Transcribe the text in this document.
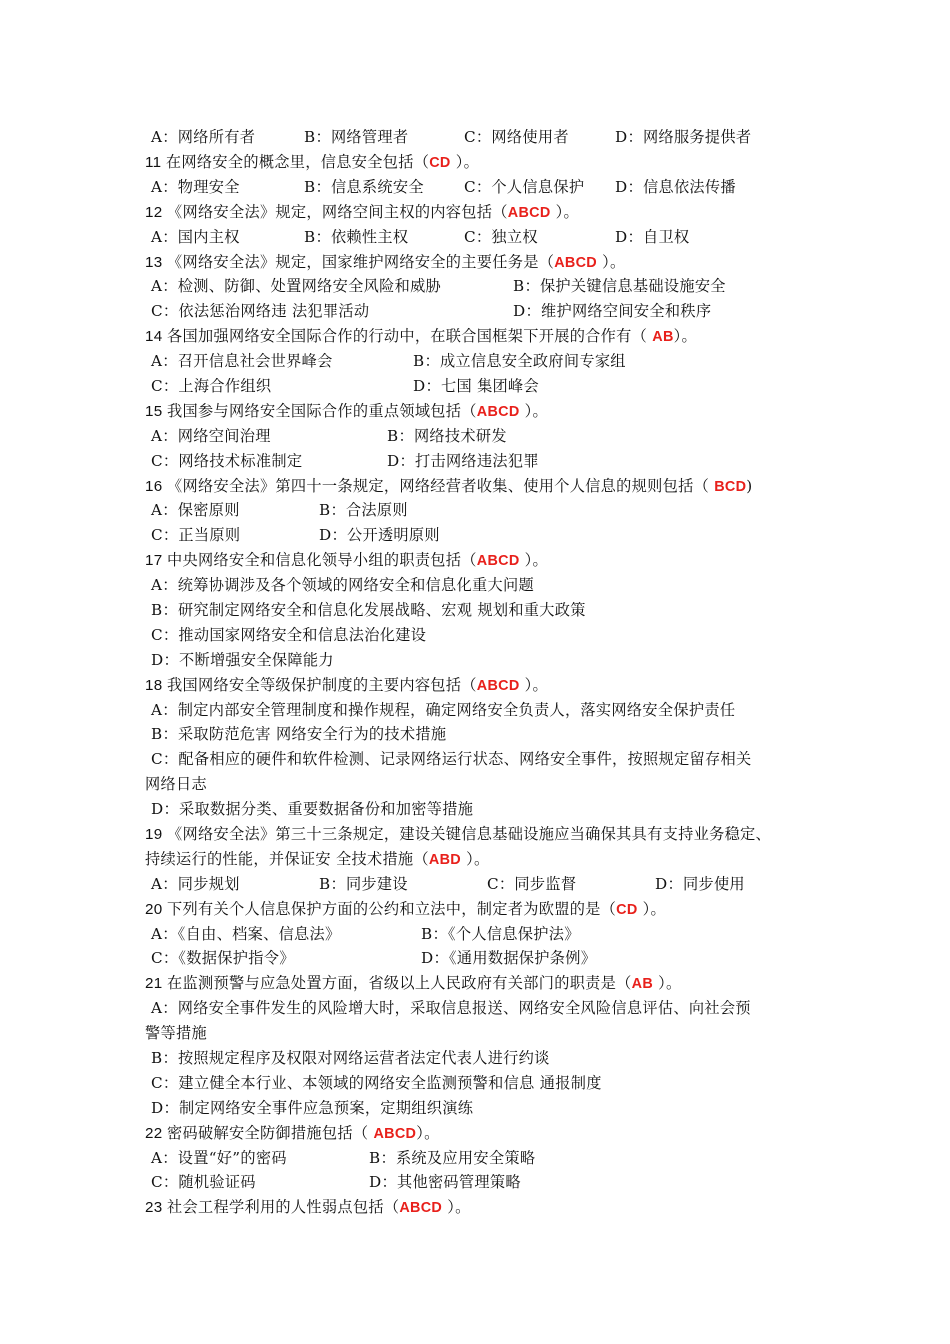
A：网络所有者	B：网络管理者	C：网络使用者	D：网络服务提供者
11 在网络安全的概念里，信息安全包括（CD ）。
A：物理安全	B：信息系统安全	C：个人信息保护 D：信息依法传播
12 《网络安全法》规定，网络空间主权的内容包括（ABCD ）。
A：国内主权	B：依赖性主权	C：独立权	D：自卫权
13 《网络安全法》规定，国家维护网络安全的主要任务是（ABCD ）。
A：检测、防御、处置网络安全风险和威胁	B：保护关键信息基础设施安全
C：依法惩治网络违 法犯罪活动	D：维护网络空间安全和秩序
14 各国加强网络安全国际合作的行动中，在联合国框架下开展的合作有（ AB）。
A：召开信息社会世界峰会	B：成立信息安全政府间专家组
C：上海合作组织	D：七国 集团峰会
15 我国参与网络安全国际合作的重点领域包括（ABCD ）。
A：网络空间治理	B：网络技术研发
C：网络技术标准制定	D：打击网络违法犯罪
16 《网络安全法》第四十一条规定，网络经营者收集、使用个人信息的规则包括（ BCD)
A：保密原则	B：合法原则
C：正当原则	D：公开透明原则
17 中央网络安全和信息化领导小组的职责包括（ABCD ）。
A：统筹协调涉及各个领域的网络安全和信息化重大问题
B：研究制定网络安全和信息化发展战略、宏观 规划和重大政策
C：推动国家网络安全和信息法治化建设
D：不断增强安全保障能力
18 我国网络安全等级保护制度的主要内容包括（ABCD ）。
A：制定内部安全管理制度和操作规程，确定网络安全负责人，落实网络安全保护责任
B：采取防范危害 网络安全行为的技术措施
C：配备相应的硬件和软件检测、记录网络运行状态、网络安全事件，按照规定留存相关
网络日志
D：采取数据分类、重要数据备份和加密等措施
19 《网络安全法》第三十三条规定，建设关键信息基础设施应当确保其具有支持业务稳定、
持续运行的性能，并保证安 全技术措施（ABD ）。
A：同步规划	B：同步建设	C：同步监督	D：同步使用
20 下列有关个人信息保护方面的公约和立法中，制定者为欧盟的是（CD ）。
A：《自由、档案、信息法》	B：《个人信息保护法》
C：《数据保护指令》	D：《通用数据保护条例》
21 在监测预警与应急处置方面，省级以上人民政府有关部门的职责是（AB ）。
A：网络安全事件发生的风险增大时，采取信息报送、网络安全风险信息评估、向社会预
警等措施
B：按照规定程序及权限对网络运营者法定代表人进行约谈
C：建立健全本行业、本领域的网络安全监测预警和信息 通报制度
D：制定网络安全事件应急预案，定期组织演练
22 密码破解安全防御措施包括（ ABCD）。
A：设置“好”的密码	B：系统及应用安全策略
C：随机验证码	D：其他密码管理策略
23 社会工程学利用的人性弱点包括（ABCD ）。
